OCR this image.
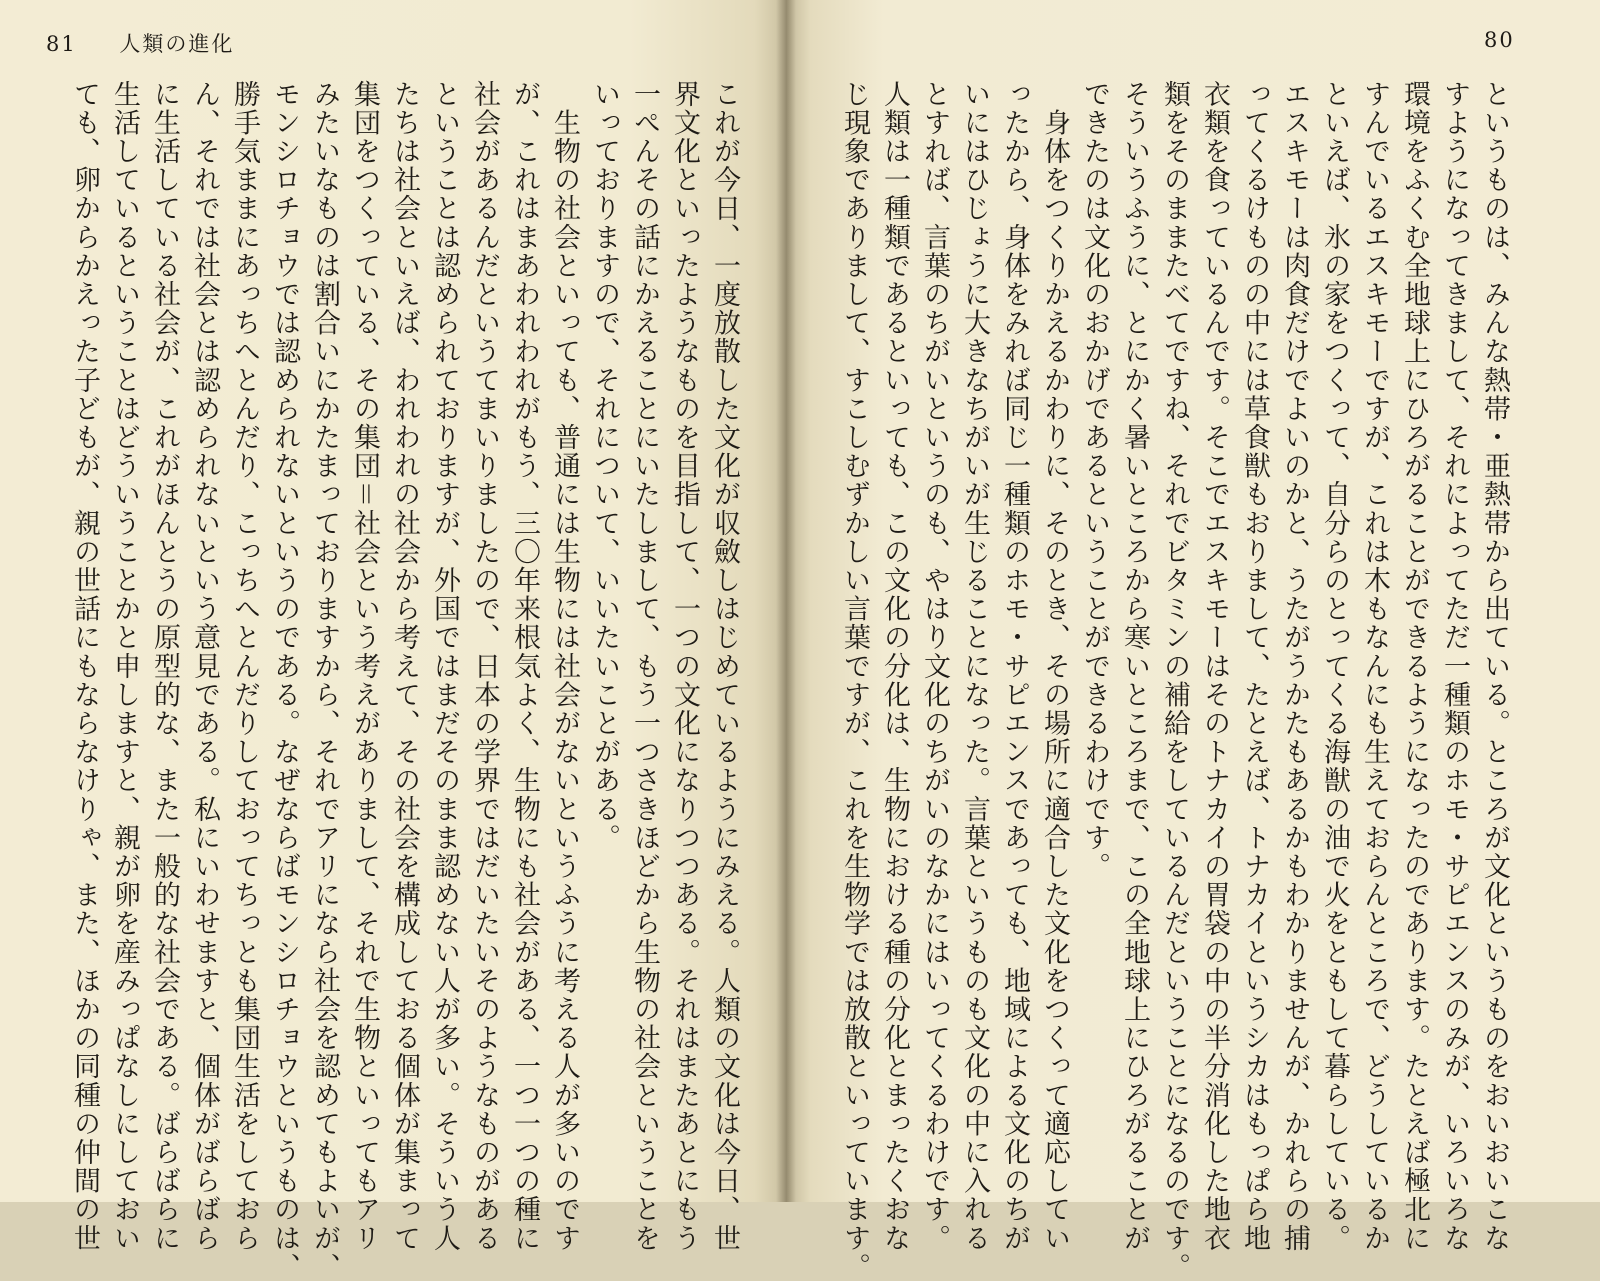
81 人類の進化	80

これが今日、一度放散した文化が収斂しはじめているようにみえる。人類の文化は今日、世

界文化といったようなものを目指して、一つの文化になりつつある。それはまたあとにもう

一ぺんその話にかえることにいたしまして、もう一つさきほどから生物の社会ということを

いっておりますので、それについて、いいたいことがある。

　生物の社会といっても、普通には生物には社会がないというふうに考える人が多いのです

が、これはまあわれわれがもう、三〇年来根気よく、生物にも社会がある、一つ一つの種に

社会があるんだというてまいりましたので、日本の学界ではだいたいそのようなものがある

ということは認められておりますが、外国ではまだそのまま認めない人が多い。そういう人

たちは社会といえば、われわれの社会から考えて、その社会を構成しておる個体が集まって

集団をつくっている、その集団＝社会という考えがありまして、それで生物といってもアリ

みたいなものは割合いにかたまっておりますから、それでアリになら社会を認めてもよいが、

モンシロチョウでは認められないというのである。なぜならばモンシロチョウというものは、

勝手気ままにあっちへとんだり、こっちへとんだりしておってちっとも集団生活をしておら

ん、それでは社会とは認められないという意見である。私にいわせますと、個体がばらばら

に生活している社会が、これがほんとうの原型的な、また一般的な社会である。ばらばらに

生活しているということはどういうことかと申しますと、親が卵を産みっぱなしにしておい

ても、卵からかえった子どもが、親の世話にもならなけりゃ、また、ほかの同種の仲間の世	というものは、みんな熱帯・亜熱帯から出ている。ところが文化というものをおいおいこな

すようになってきまして、それによってただ一種類のホモ・サピエンスのみが、いろいろな

環境をふくむ全地球上にひろがることができるようになったのであります。たとえば極北に

すんでいるエスキモーですが、これは木もなんにも生えておらんところで、どうしているか

といえば、氷の家をつくって、自分らのとってくる海獣の油で火をともして暮らしている。

エスキモーは肉食だけでよいのかと、うたがうかたもあるかもわかりませんが、かれらの捕

ってくるけものの中には草食獣もおりまして、たとえば、トナカイというシカはもっぱら地

衣類を食っているんです。そこでエスキモーはそのトナカイの胃袋の中の半分消化した地衣

類をそのままたべてですね、それでビタミンの補給をしているんだということになるのです。

そういうふうに、とにかく暑いところから寒いところまで、この全地球上にひろがることが

できたのは文化のおかげであるということができるわけです。

　身体をつくりかえるかわりに、そのとき、その場所に適合した文化をつくって適応してい

ったから、身体をみれば同じ一種類のホモ・サピエンスであっても、地域による文化のちが

いにはひじょうに大きなちがいが生じることになった。言葉というものも文化の中に入れる

とすれば、言葉のちがいというのも、やはり文化のちがいのなかにはいってくるわけです。

人類は一種類であるといっても、この文化の分化は、生物における種の分化とまったくおな

じ現象でありまして、すこしむずかしい言葉ですが、これを生物学では放散といっています。
